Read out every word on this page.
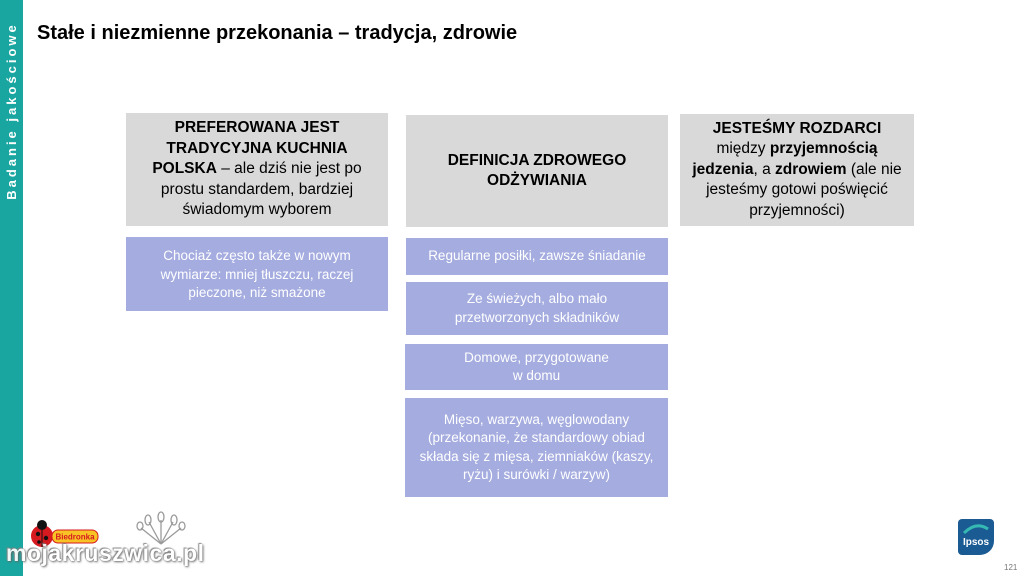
Badanie jakościowe Stałe i niezmienne przekonania – tradycja, zdrowie
PREFEROWANA JEST TRADYCYJNA KUCHNIA POLSKA – ale dziś nie jest po prostu standardem, bardziej świadomym wyborem
Chociaż często także w nowym wymiarze: mniej tłuszczu, raczej pieczone, niż smażone
DEFINICJA ZDROWEGO ODŻYWIANIA
Regularne posiłki, zawsze śniadanie
Ze świeżych, albo mało przetworzonych składników
Domowe, przygotowane w domu
Mięso, warzywa, węglowodany (przekonanie, że standardowy obiad składa się z mięsa, ziemniaków (kaszy, ryżu) i surówki / warzyw)
JESTEŚMY ROZDARCI między przyjemnością jedzenia, a zdrowiem (ale nie jesteśmy gotowi poświęcić przyjemności)
Biedronka
mojakruszwica.pl	Ipsos
121
